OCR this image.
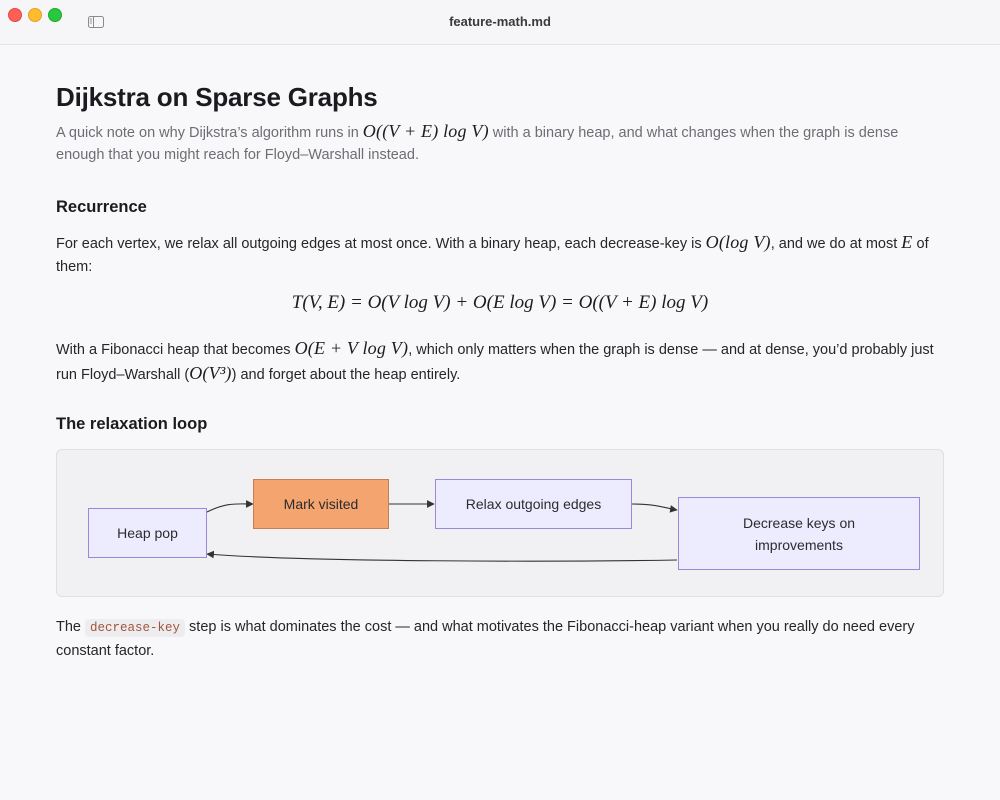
feature-math.md
Dijkstra on Sparse Graphs

A quick note on why Dijkstra’s algorithm runs in O((V + E) log V) with a binary heap, and what changes when the graph is dense
enough that you might reach for Floyd–Warshall instead.

Recurrence

For each vertex, we relax all outgoing edges at most once. With a binary heap, each decrease-key is O(log V), and we do at most E of
them:

T(V, E) = O(V log V) + O(E log V) = O((V + E) log V)

With a Fibonacci heap that becomes O(E + V log V), which only matters when the graph is dense — and at dense, you’d probably just
run Floyd–Warshall (O(V³)) and forget about the heap entirely.

The relaxation loop
Heap pop
Mark visited	Relax outgoing edges
Decrease keys on
improvements

The decrease-key step is what dominates the cost — and what motivates the Fibonacci-heap variant when you really do need every
constant factor.
